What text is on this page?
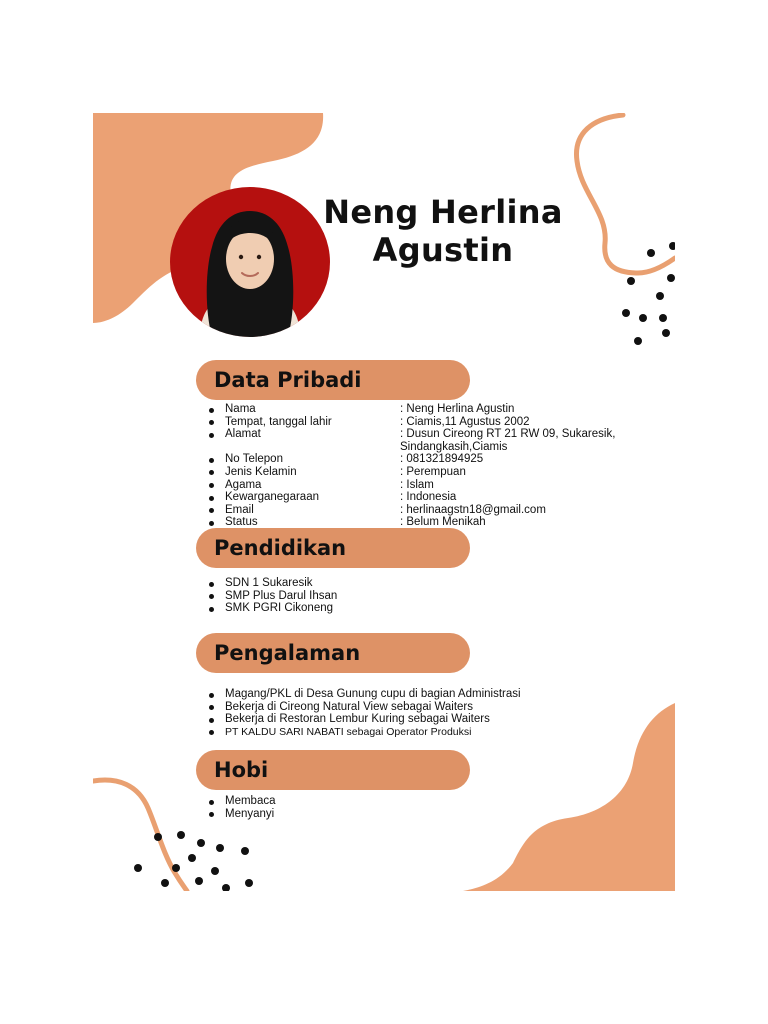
Neng Herlina
Agustin
Data Pribadi
Nama	: Neng Herlina Agustin
Tempat, tanggal lahir	: Ciamis,11 Agustus 2002
Alamat	: Dusun Cireong RT 21 RW 09, Sukaresik, Sindangkasih,Ciamis
No Telepon	: 081321894925
Jenis Kelamin	: Perempuan
Agama	: Islam
Kewarganegaraan	: Indonesia
Email	: herlinaagstn18@gmail.com
Status	: Belum Menikah
Pendidikan
SDN 1 Sukaresik
SMP Plus Darul Ihsan
SMK PGRI Cikoneng
Pengalaman
Magang/PKL di Desa Gunung cupu di bagian Administrasi
Bekerja di Cireong Natural View sebagai Waiters
Bekerja di Restoran Lembur Kuring sebagai Waiters
PT KALDU SARI NABATI sebagai Operator Produksi
Hobi
Membaca
Menyanyi
